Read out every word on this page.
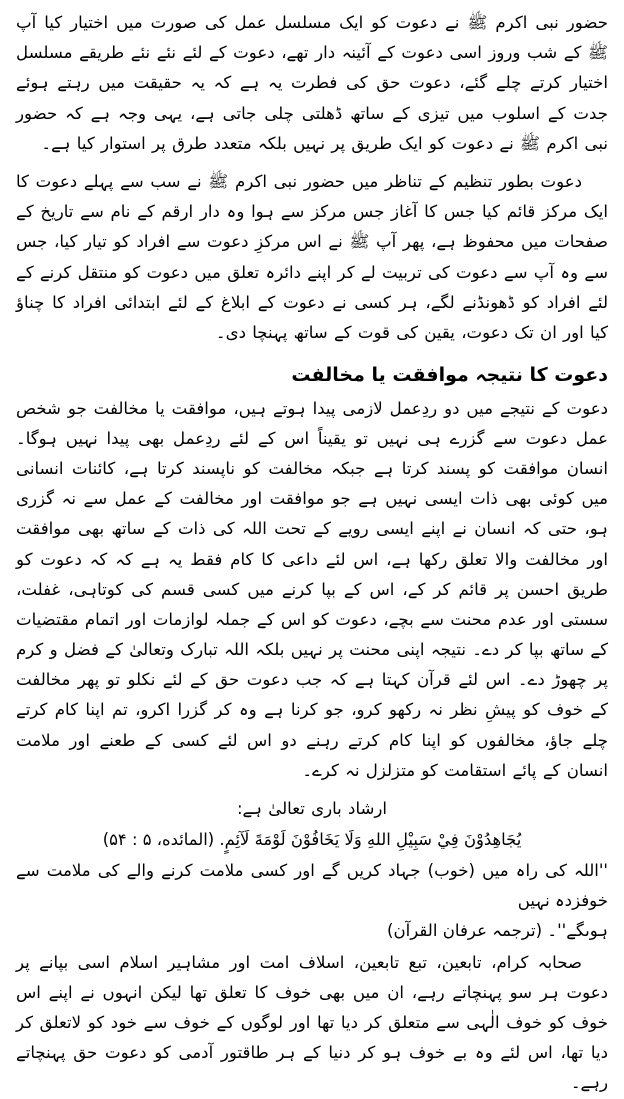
حضور نبی اکرم ﷺ نے دعوت کو ایک مسلسل عمل کی صورت میں اختیار کیا آپ ﷺ کے شب وروز اسی دعوت کے آئینہ دار تھے، دعوت کے لئے نئے نئے طریقے مسلسل اختیار کرتے چلے گئے، دعوت حق کی فطرت یہ ہے کہ یہ حقیقت میں رہتے ہوئے جدت کے اسلوب میں تیزی کے ساتھ ڈھلتی چلی جاتی ہے، یہی وجہ ہے کہ حضور نبی اکرم ﷺ نے دعوت کو ایک طریق پر نہیں بلکہ متعدد طرق پر استوار کیا ہے۔

دعوت بطور تنظیم کے تناظر میں حضور نبی اکرم ﷺ نے سب سے پہلے دعوت کا ایک مرکز قائم کیا جس کا آغاز جس مرکز سے ہوا وہ دار ارقم کے نام سے تاریخ کے صفحات میں محفوظ ہے، پھر آپ ﷺ نے اس مرکزِ دعوت سے افراد کو تیار کیا، جس سے وہ آپ سے دعوت کی تربیت لے کر اپنے دائرہ تعلق میں دعوت کو منتقل کرنے کے لئے افراد کو ڈھونڈنے لگے، ہر کسی نے دعوت کے ابلاغ کے لئے ابتدائی افراد کا چناؤ کیا اور ان تک دعوت، یقین کی قوت کے ساتھ پہنچا دی۔

دعوت کا نتیجہ موافقت یا مخالفت

دعوت کے نتیجے میں دو ردِعمل لازمی پیدا ہوتے ہیں، موافقت یا مخالفت جو شخص عمل دعوت سے گزرے ہی نہیں تو یقیناً اس کے لئے ردِعمل بھی پیدا نہیں ہوگا۔ انسان موافقت کو پسند کرتا ہے جبکہ مخالفت کو ناپسند کرتا ہے، کائنات انسانی میں کوئی بھی ذات ایسی نہیں ہے جو موافقت اور مخالفت کے عمل سے نہ گزری ہو، حتی کہ انسان نے اپنے ایسی رویے کے تحت اللہ کی ذات کے ساتھ بھی موافقت اور مخالفت والا تعلق رکھا ہے، اس لئے داعی کا کام فقط یہ ہے کہ کہ دعوت کو طریق احسن پر قائم کر کے، اس کے بپا کرنے میں کسی قسم کی کوتاہی، غفلت، سستی اور عدم محنت سے بچے، دعوت کو اس کے جملہ لوازمات اور اتمام مقتضیات کے ساتھ بپا کر دے۔ نتیجہ اپنی محنت پر نہیں بلکہ اللہ تبارک وتعالیٰ کے فضل و کرم پر چھوڑ دے۔ اس لئے قرآن کہتا ہے کہ جب دعوت حق کے لئے نکلو تو پھر مخالفت کے خوف کو پیشِ نظر نہ رکھو کرو، جو کرنا ہے وہ کر گزرا اکرو، تم اپنا کام کرتے چلے جاؤ، مخالفوں کو اپنا کام کرتے رہنے دو اس لئے کسی کے طعنے اور ملامت انسان کے پائے استقامت کو متزلزل نہ کرے۔

ارشاد باری تعالیٰ ہے:

يُجَاهِدُوْنَ فِيْ سَبِيْلِ اللهِ وَلَا يَخَافُوْنَ لَوْمَةَ لَآئِمٍ. (المائده، ۵ : ۵۴)

''اللہ کی راہ میں (خوب) جہاد کریں گے اور کسی ملامت کرنے والے کی ملامت سے خوفزدہ نہیں

ہوںگے''۔ (ترجمہ عرفان القرآن)

صحابہ کرام، تابعین، تبع تابعین، اسلاف امت اور مشاہیر اسلام اسی بپانے پر دعوت ہر سو پہنچاتے رہے، ان میں بھی خوف کا تعلق تھا لیکن انہوں نے اپنے اس خوف کو خوف الٰہی سے متعلق کر دیا تھا اور لوگوں کے خوف سے خود کو لاتعلق کر دیا تھا، اس لئے وہ بے خوف ہو کر دنیا کے ہر طاقتور آدمی کو دعوت حق پہنچاتے رہے۔
